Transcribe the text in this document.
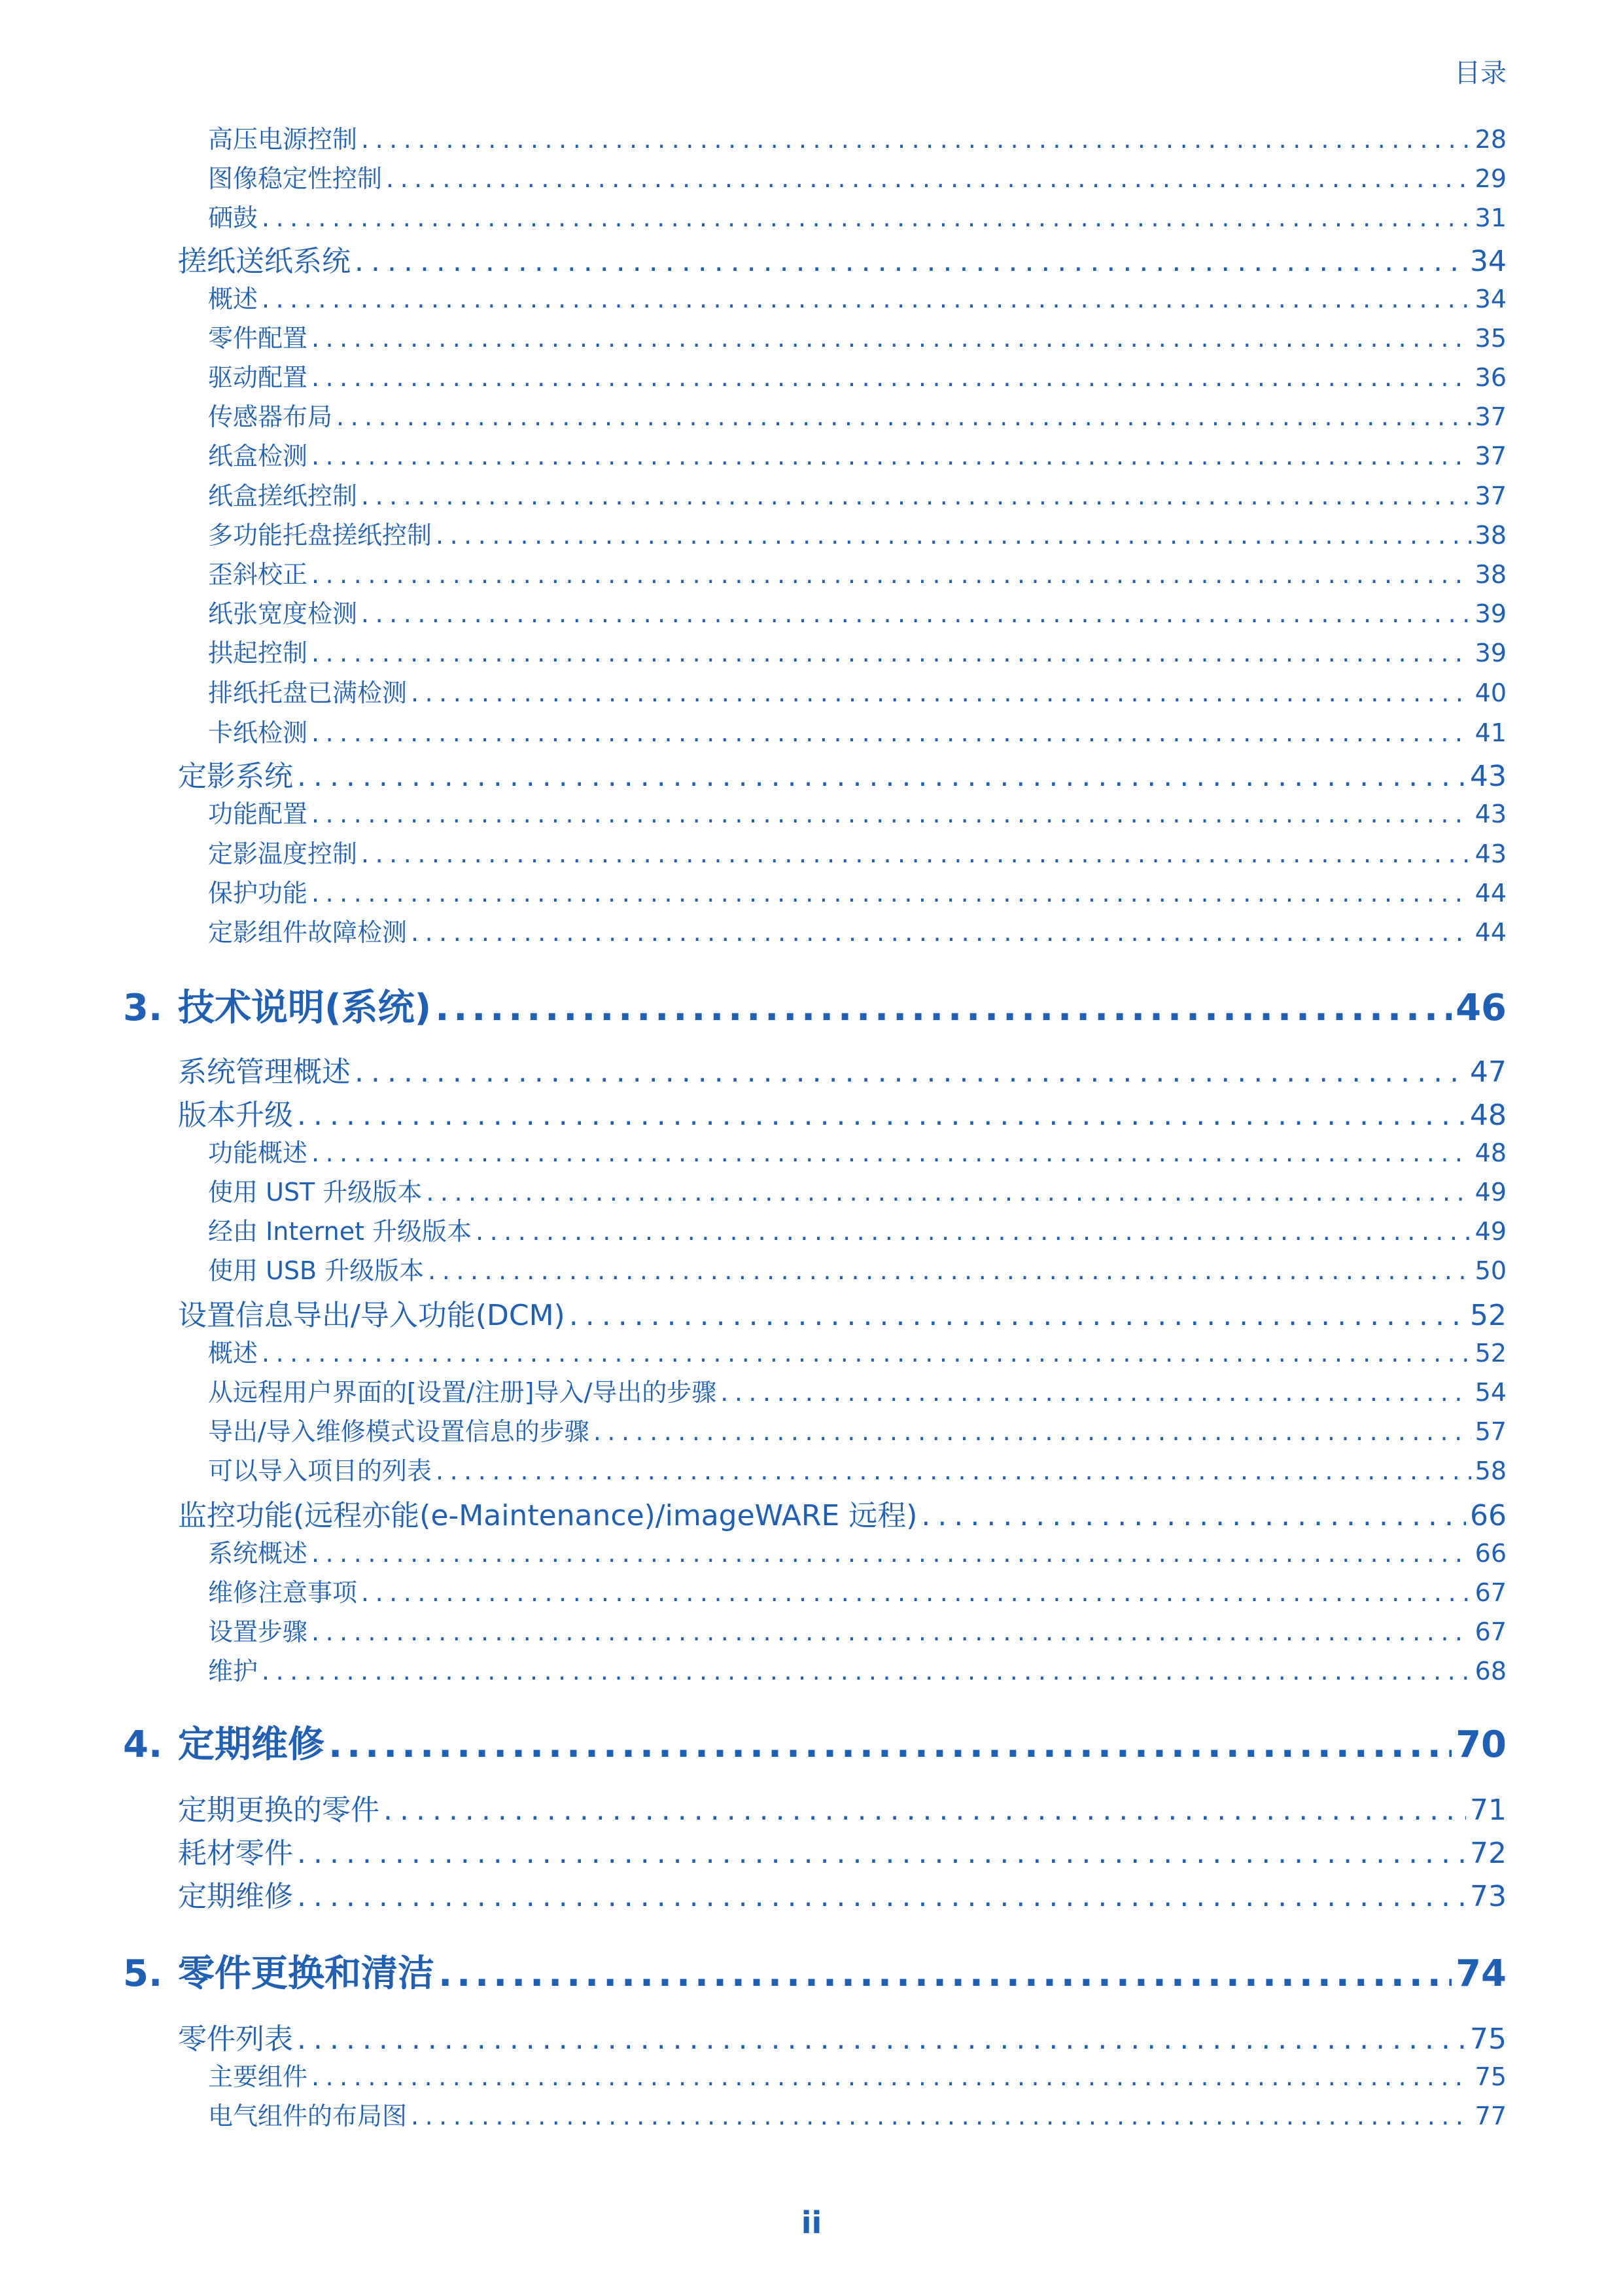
目录
高压电源控制 .....	28
图像稳定性控制 .....	29
硒鼓 .....	31
搓纸送纸系统 .....	34
概述 .....	34
零件配置 .....	35
驱动配置 .....	36
传感器布局 .....	37
纸盒检测 .....	37
纸盒搓纸控制 .....	37
多功能托盘搓纸控制 .....	38
歪斜校正 .....	38
纸张宽度检测 .....	39
拱起控制 .....	39
排纸托盘已满检测 .....	40
卡纸检测 .....	41
定影系统 .....	43
功能配置 .....	43
定影温度控制 .....	43
保护功能 .....	44
定影组件故障检测 .....	44
3. 技术说明(系统) .....	46
系统管理概述 .....	47
版本升级 .....	48
功能概述 .....	48
使用 UST 升级版本 .....	49
经由 Internet 升级版本 .....	49
使用 USB 升级版本 .....	50
设置信息导出/导入功能(DCM) .....	52
概述 .....	52
从远程用户界面的[设置/注册]导入/导出的步骤 .....	54
导出/导入维修模式设置信息的步骤 .....	57
可以导入项目的列表 .....	58
监控功能(远程亦能(e-Maintenance)/imageWARE 远程) .....	66
系统概述 .....	66
维修注意事项 .....	67
设置步骤 .....	67
维护 .....	68
4. 定期维修 .....	70
定期更换的零件 .....	71
耗材零件 .....	72
定期维修 .....	73
5. 零件更换和清洁 .....	74
零件列表 .....	75
主要组件 .....	75
电气组件的布局图 .....	77
ii
